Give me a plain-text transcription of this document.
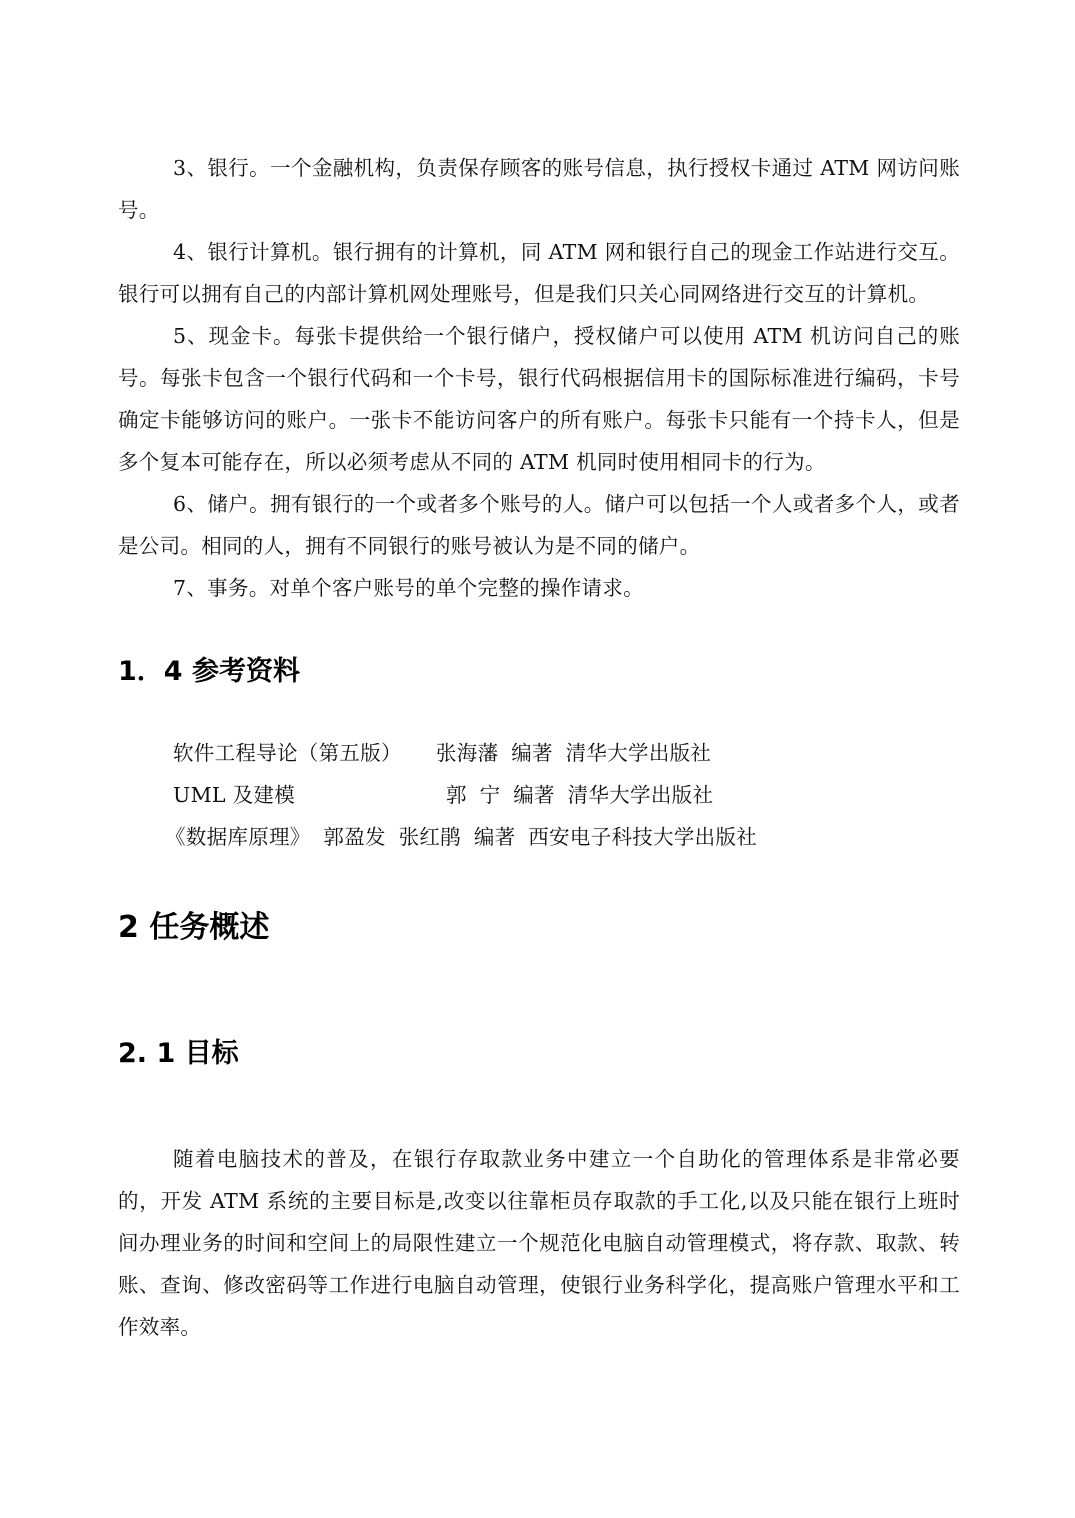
3、银行。一个金融机构，负责保存顾客的账号信息，执行授权卡通过 ATM 网访问账号。

4、银行计算机。银行拥有的计算机，同 ATM 网和银行自己的现金工作站进行交互。银行可以拥有自己的内部计算机网处理账号，但是我们只关心同网络进行交互的计算机。

5、现金卡。每张卡提供给一个银行储户，授权储户可以使用 ATM 机访问自己的账号。每张卡包含一个银行代码和一个卡号，银行代码根据信用卡的国际标准进行编码，卡号确定卡能够访问的账户。一张卡不能访问客户的所有账户。每张卡只能有一个持卡人，但是多个复本可能存在，所以必须考虑从不同的 ATM 机同时使用相同卡的行为。

6、储户。拥有银行的一个或者多个账号的人。储户可以包括一个人或者多个人，或者是公司。相同的人，拥有不同银行的账号被认为是不同的储户。

7、事务。对单个客户账号的单个完整的操作请求。

1．4 参考资料
软件工程导论（第五版） 张海藩 编著 清华大学出版社
UML 及建模	郭 宁 编著 清华大学出版社
《数据库原理》 郭盈发 张红鹃 编著 西安电子科技大学出版社
2 任务概述
2. 1 目标

随着电脑技术的普及，在银行存取款业务中建立一个自助化的管理体系是非常必要的，开发 ATM 系统的主要目标是,改变以往靠柜员存取款的手工化,以及只能在银行上班时间办理业务的时间和空间上的局限性建立一个规范化电脑自动管理模式，将存款、取款、转账、查询、修改密码等工作进行电脑自动管理，使银行业务科学化，提高账户管理水平和工作效率。
